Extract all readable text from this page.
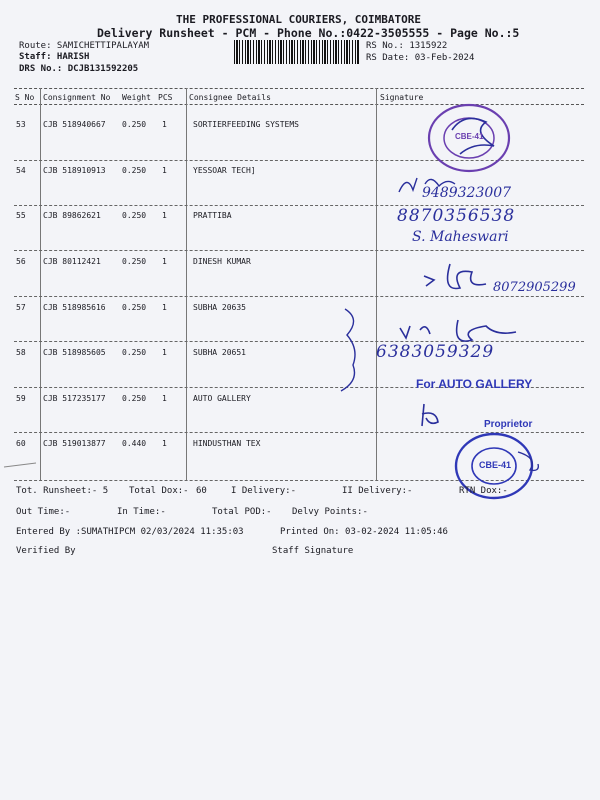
THE PROFESSIONAL COURIERS, COIMBATORE
Delivery Runsheet - PCM - Phone No.:0422-3505555 - Page No.:5
Route: SAMICHETTIPALAYAM
Staff: HARISH
DRS No.: DCJB131592205
RS No.: 1315922
RS Date: 03-Feb-2024
S No Consignment No Weight PCS Consignee Details	Signature
53 CJB 518940667 0.250 1	SORTIERFEEDING SYSTEMS
54 CJB 518910913 0.250 1	YESSOAR TECH]
55 CJB 89862621	0.250 1	PRATTIBA
56 CJB 80112421	0.250 1	DINESH KUMAR
57 CJB 518985616 0.250 1	SUBHA 20635
58 CJB 518985605 0.250 1	SUBHA 20651
59 CJB 517235177 0.250 1	AUTO GALLERY
60 CJB 519013877 0.440 1	HINDUSTHAN TEX
CBE-41
9489323007
8870356538
S. Maheswari
8072905299
6383059329
For AUTO GALLERY
Proprietor
CBE-41
Tot. Runsheet:- 5 Total Dox:- 60	I Delivery:-	II Delivery:-	RTN Dox:-
Out Time:-	In Time:-	Total POD:- Delvy Points:-
Entered By :SUMATHIPCM 02/03/2024 11:35:03	Printed On: 03-02-2024 11:05:46
Verified By	Staff Signature
